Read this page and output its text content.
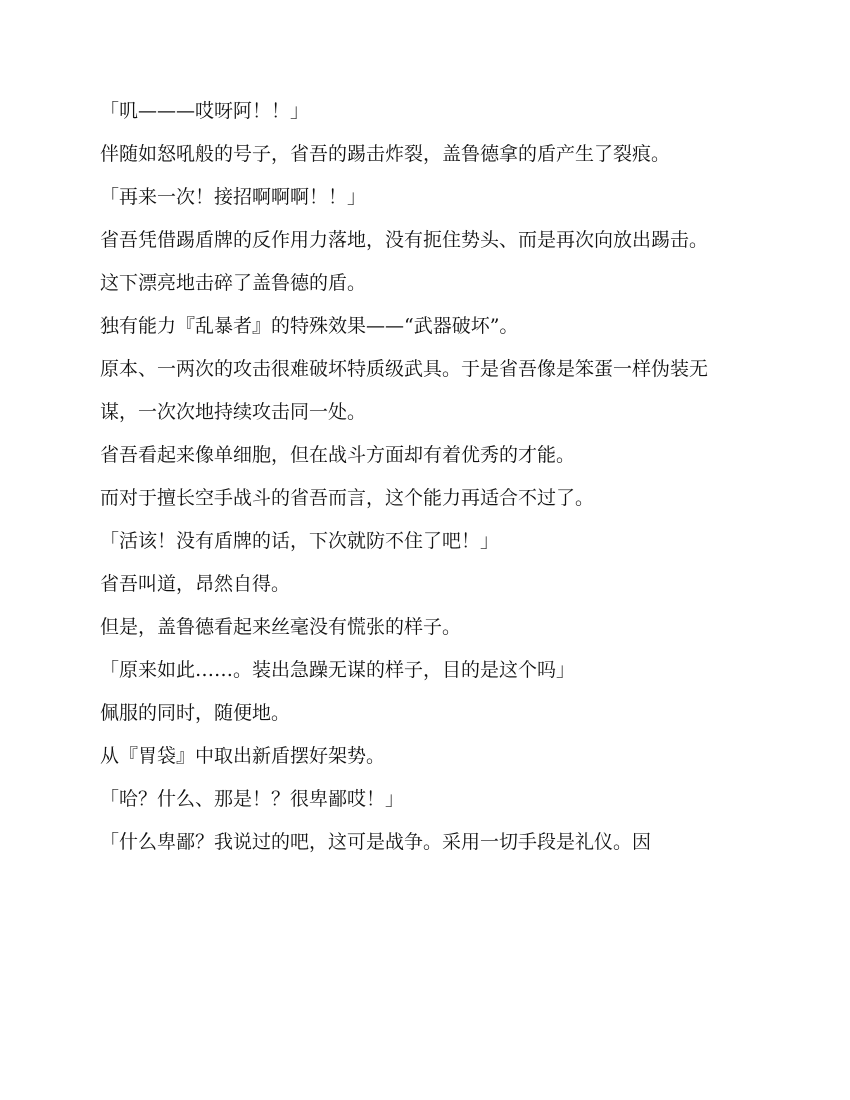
「叽———哎呀阿！！」

伴随如怒吼般的号子，省吾的踢击炸裂，盖鲁德拿的盾产生了裂痕。

「再来一次！接招啊啊啊！！」

省吾凭借踢盾牌的反作用力落地，没有扼住势头、而是再次向放出踢击。

这下漂亮地击碎了盖鲁德的盾。

独有能力『乱暴者』的特殊效果——“武器破坏”。

原本、一两次的攻击很难破坏特质级武具。于是省吾像是笨蛋一样伪装无谋，一次次地持续攻击同一处。

省吾看起来像单细胞，但在战斗方面却有着优秀的才能。

而对于擅长空手战斗的省吾而言，这个能力再适合不过了。

「活该！没有盾牌的话，下次就防不住了吧！」

省吾叫道，昂然自得。

但是，盖鲁德看起来丝毫没有慌张的样子。

「原来如此……。装出急躁无谋的样子，目的是这个吗」

佩服的同时，随便地。

从『胃袋』中取出新盾摆好架势。

「哈？什么、那是！？很卑鄙哎！」

「什么卑鄙？我说过的吧，这可是战争。采用一切手段是礼仪。因
